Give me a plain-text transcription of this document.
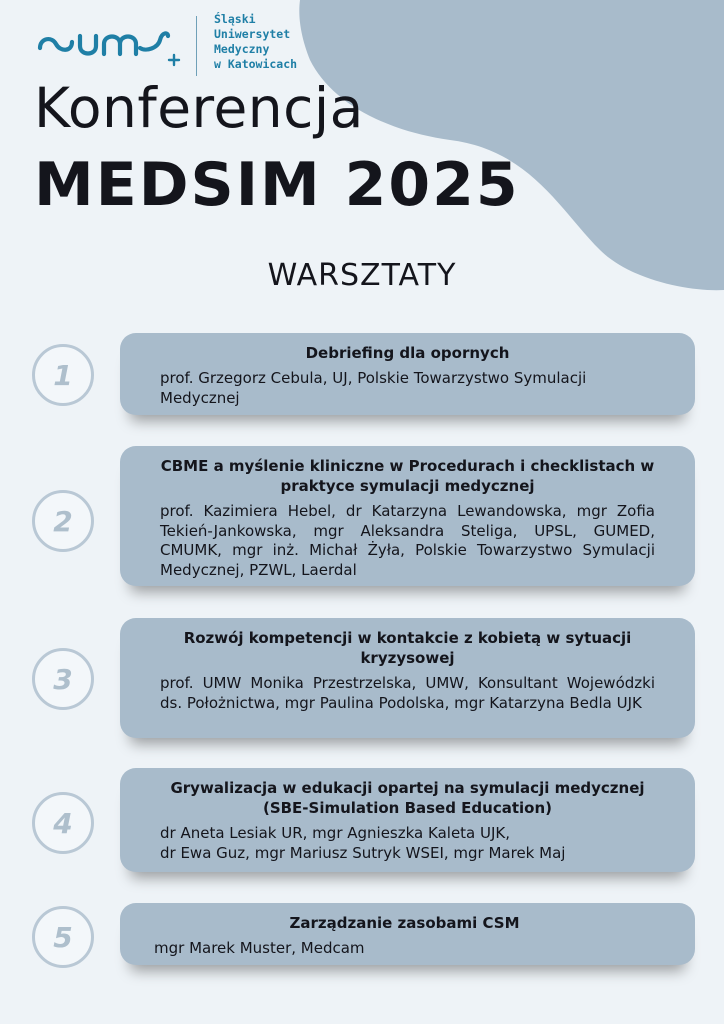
Śląski
Uniwersytet
Medyczny
w Katowicach
Konferencja
MEDSIM 2025
WARSZTATY
1
Debriefing dla opornych
prof. Grzegorz Cebula, UJ, Polskie Towarzystwo Symulacji Medycznej
2
CBME a myślenie kliniczne w Procedurach i checklistach w praktyce symulacji medycznej
prof. Kazimiera Hebel, dr Katarzyna Lewandowska, mgr Zofia Tekień-Jankowska, mgr Aleksandra Steliga, UPSL, GUMED, CMUMK, mgr inż. Michał Żyła, Polskie Towarzystwo Symulacji Medycznej, PZWL, Laerdal
3
Rozwój kompetencji w kontakcie z kobietą w sytuacji kryzysowej
prof. UMW Monika Przestrzelska, UMW, Konsultant Wojewódzki ds. Położnictwa, mgr Paulina Podolska, mgr Katarzyna Bedla UJK
4
Grywalizacja w edukacji opartej na symulacji medycznej (SBE-Simulation Based Education)
dr Aneta Lesiak UR, mgr Agnieszka Kaleta UJK,
dr Ewa Guz, mgr Mariusz Sutryk WSEI, mgr Marek Maj
5	Zarządzanie zasobami CSM
mgr Marek Muster, Medcam
